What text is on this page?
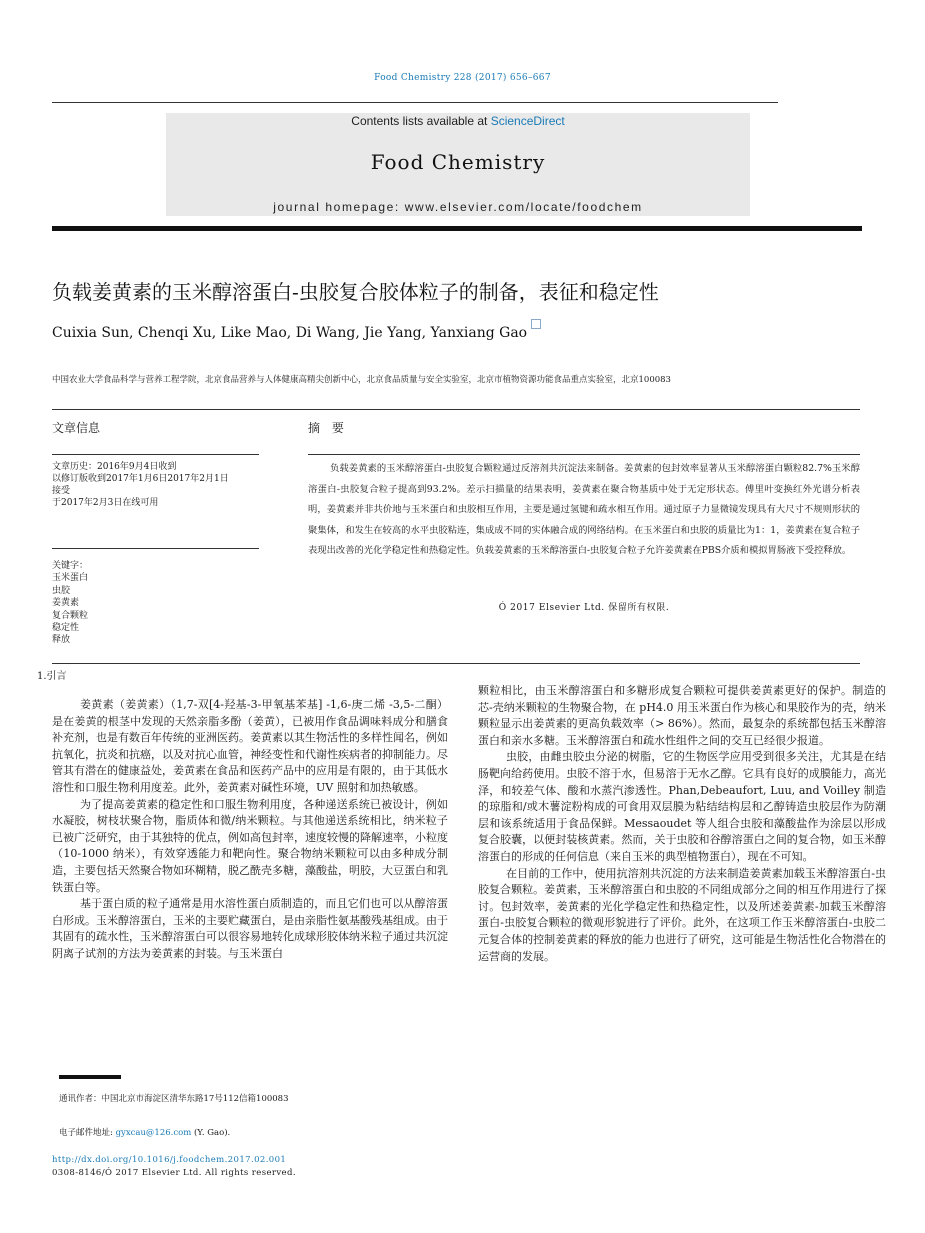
Food Chemistry 228 (2017) 656–667
Contents lists available at ScienceDirect
Food Chemistry
journal homepage: www.elsevier.com/locate/foodchem
负载姜黄素的玉米醇溶蛋白-虫胶复合胶体粒子的制备，表征和稳定性
Cuixia Sun, Chenqi Xu, Like Mao, Di Wang, Jie Yang, Yanxiang Gao
中国农业大学食品科学与营养工程学院，北京食品营养与人体健康高精尖创新中心，北京食品质量与安全实验室，北京市植物资源功能食品重点实验室，北京100083
文章信息	摘 要
文章历史：2016年9月4日收到
以修订版收到2017年1月6日2017年2月1日
接受
于2017年2月3日在线可用
关键字：
玉米蛋白
虫胶
姜黄素
复合颗粒
稳定性
释放

负载姜黄素的玉米醇溶蛋白-虫胶复合颗粒通过反溶剂共沉淀法来制备。姜黄素的包封效率显著从玉米醇溶蛋白颗粒82.7%玉米醇溶蛋白-虫胶复合粒子提高到93.2%。差示扫描量的结果表明，姜黄素在聚合物基质中处于无定形状态。傅里叶变换红外光谱分析表明，姜黄素并非共价地与玉米蛋白和虫胶相互作用，主要是通过氢键和疏水相互作用。通过原子力显微镜发现具有大尺寸不规则形状的聚集体，和发生在较高的水平虫胶粘连，集成成不同的实体融合成的网络结构。在玉米蛋白和虫胶的质量比为1：1，姜黄素在复合粒子表现出改善的光化学稳定性和热稳定性。负载姜黄素的玉米醇溶蛋白-虫胶复合粒子允许姜黄素在PBS介质和模拟胃肠液下受控释放。

Ó 2017 Elsevier Ltd. 保留所有权限.
1.引言

姜黄素（姜黄素）（1,7-双[4-羟基-3-甲氧基苯基] -1,6-庚二烯 -3,5-二酮）是在姜黄的根茎中发现的天然亲脂多酚（姜黄），已被用作食品调味料成分和膳食补充剂，也是有数百年传统的亚洲医药。姜黄素以其生物活性的多样性闻名，例如抗氧化，抗炎和抗癌，以及对抗心血管，神经变性和代谢性疾病者的抑制能力。尽管其有潜在的健康益处，姜黄素在食品和医药产品中的应用是有限的，由于其低水溶性和口服生物利用度差。此外，姜黄素对碱性环境，UV 照射和加热敏感。

为了提高姜黄素的稳定性和口服生物利用度，各种递送系统已被设计，例如水凝胶，树枝状聚合物，脂质体和微/纳米颗粒。与其他递送系统相比，纳米粒子已被广泛研究，由于其独特的优点，例如高包封率，速度较慢的降解速率，小粒度（10-1000 纳米），有效穿透能力和靶向性。聚合物纳米颗粒可以由多种成分制造，主要包括天然聚合物如环糊精，脱乙酰壳多糖，藻酸盐，明胶，大豆蛋白和乳铁蛋白等。

基于蛋白质的粒子通常是用水溶性蛋白质制造的，而且它们也可以从醇溶蛋白形成。玉米醇溶蛋白，玉米的主要贮藏蛋白，是由亲脂性氨基酸残基组成。由于其固有的疏水性，玉米醇溶蛋白可以很容易地转化成球形胶体纳米粒子通过共沉淀阴离子试剂的方法为姜黄素的封装。与玉米蛋白

颗粒相比，由玉米醇溶蛋白和多糖形成复合颗粒可提供姜黄素更好的保护。制造的芯-壳纳米颗粒的生物聚合物，在 pH4.0 用玉米蛋白作为核心和果胶作为的壳，纳米颗粒显示出姜黄素的更高负载效率（> 86%）。然而，最复杂的系统都包括玉米醇溶蛋白和亲水多糖。玉米醇溶蛋白和疏水性组件之间的交互已经很少报道。

虫胶，由雌虫胶虫分泌的树脂，它的生物医学应用受到很多关注，尤其是在结肠靶向给药使用。虫胶不溶于水，但易溶于无水乙醇。它具有良好的成膜能力，高光泽，和较差气体、酸和水蒸汽渗透性。Phan,Debeaufort, Luu, and Voilley 制造的琼脂和/或木薯淀粉构成的可食用双层膜为粘结结构层和乙醇铸造虫胶层作为防潮层和该系统适用于食品保鲜。Messaoudet 等人组合虫胶和藻酸盐作为涂层以形成复合胶囊，以便封装核黄素。然而，关于虫胶和谷醇溶蛋白之间的复合物，如玉米醇溶蛋白的形成的任何信息（来自玉米的典型植物蛋白），现在不可知。

在目前的工作中，使用抗溶剂共沉淀的方法来制造姜黄素加载玉米醇溶蛋白-虫胶复合颗粒。姜黄素，玉米醇溶蛋白和虫胶的不同组成部分之间的相互作用进行了探讨。包封效率，姜黄素的光化学稳定性和热稳定性，以及所述姜黄素-加载玉米醇溶蛋白-虫胶复合颗粒的微观形貌进行了评价。此外，在这项工作玉米醇溶蛋白-虫胶二元复合体的控制姜黄素的释放的能力也进行了研究，这可能是生物活性化合物潜在的运营商的发展。

通讯作者：中国北京市海淀区清华东路17号112信箱100083
电子邮件地址: gyxcau@126.com (Y. Gao).
http://dx.doi.org/10.1016/j.foodchem.2017.02.001
0308-8146/Ó 2017 Elsevier Ltd. All rights reserved.
